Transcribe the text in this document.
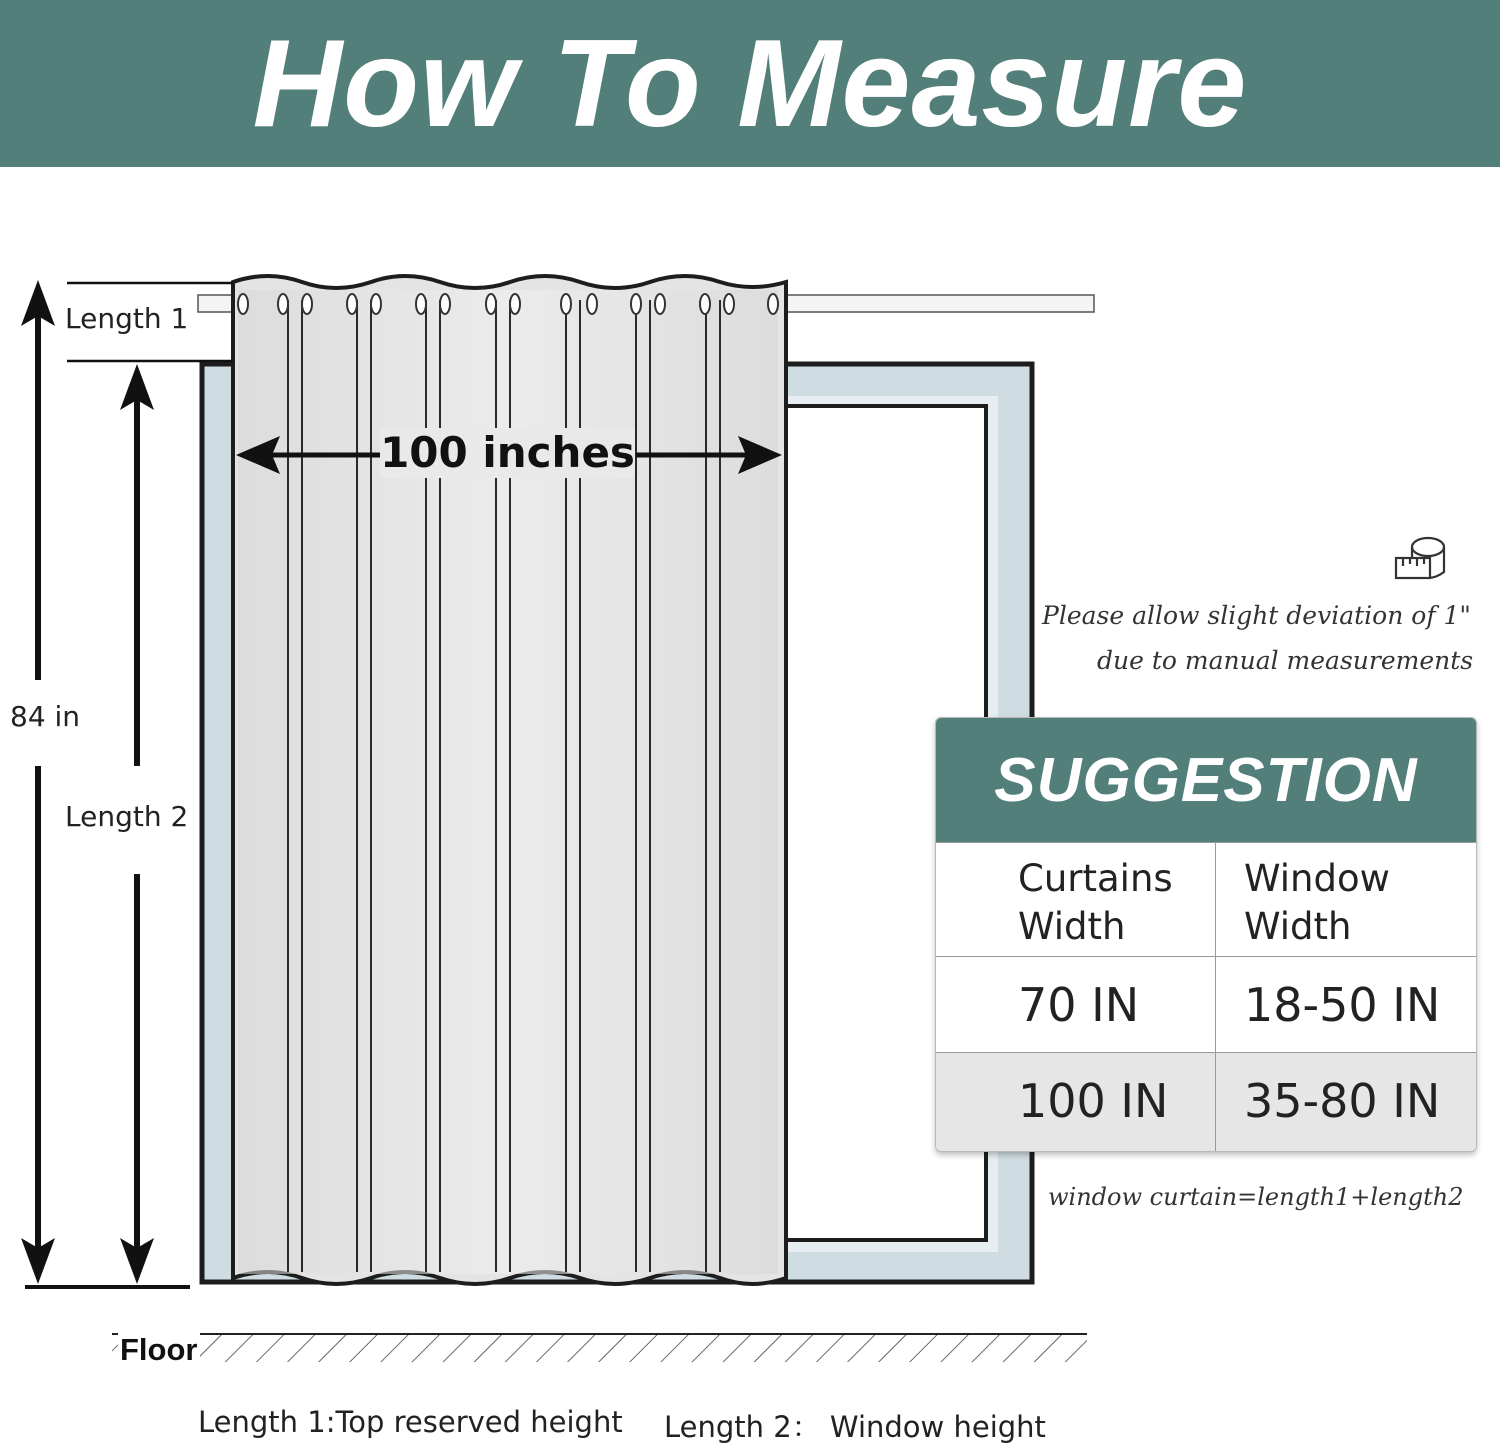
How To Measure
Length 1
84 in
Length 2
100 inches
Floor
Please allow slight deviation of 1"
due to manual measurements
window curtain=length1+length2
SUGGESTION
Curtains
Width
Window
Width
70 IN	18-50 IN
100 IN	35-80 IN
Length 1:Top reserved height Length 2： Window height
